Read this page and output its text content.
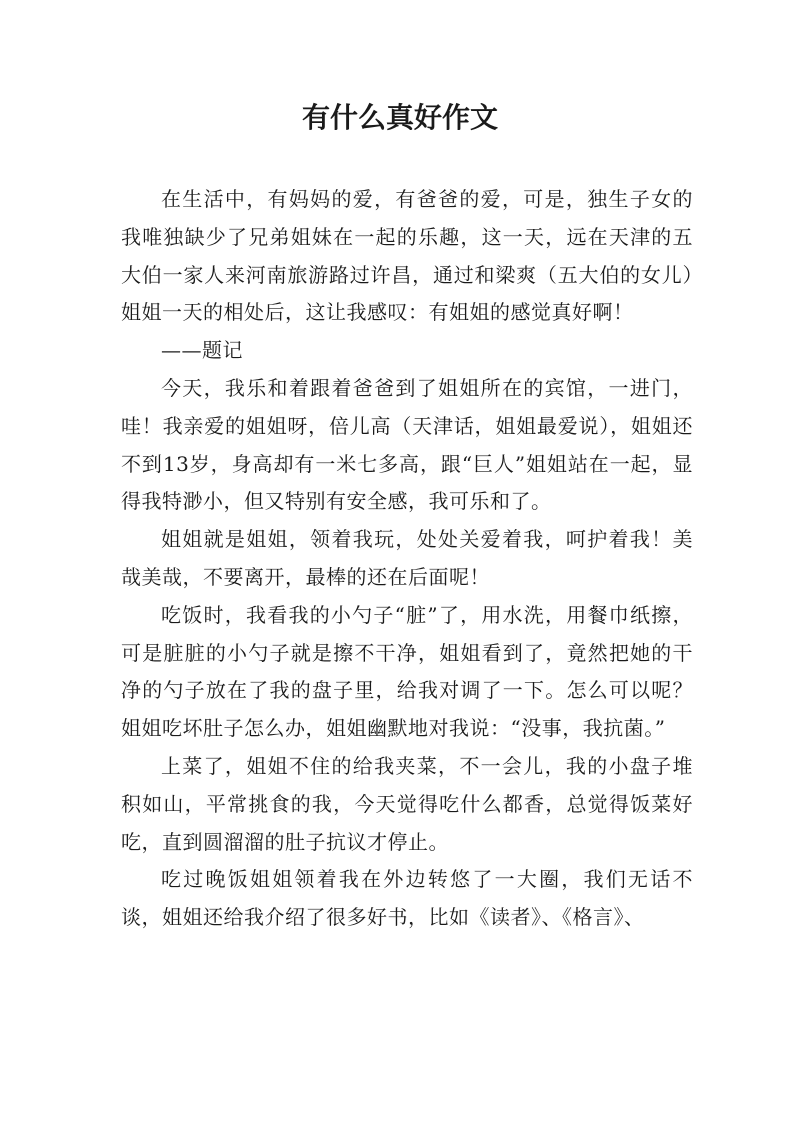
有什么真好作文

在生活中，有妈妈的爱，有爸爸的爱，可是，独生子女的我唯独缺少了兄弟姐妹在一起的乐趣，这一天，远在天津的五大伯一家人来河南旅游路过许昌，通过和梁爽（五大伯的女儿）姐姐一天的相处后，这让我感叹：有姐姐的感觉真好啊！

——题记

今天，我乐和着跟着爸爸到了姐姐所在的宾馆，一进门，哇！我亲爱的姐姐呀，倍儿高（天津话，姐姐最爱说），姐姐还不到13岁，身高却有一米七多高，跟“巨人”姐姐站在一起，显得我特渺小，但又特别有安全感，我可乐和了。

姐姐就是姐姐，领着我玩，处处关爱着我，呵护着我！美哉美哉，不要离开，最棒的还在后面呢！

吃饭时，我看我的小勺子“脏”了，用水洗，用餐巾纸擦，可是脏脏的小勺子就是擦不干净，姐姐看到了，竟然把她的干净的勺子放在了我的盘子里，给我对调了一下。怎么可以呢？姐姐吃坏肚子怎么办，姐姐幽默地对我说：“没事，我抗菌。”

上菜了，姐姐不住的给我夹菜，不一会儿，我的小盘子堆积如山，平常挑食的我，今天觉得吃什么都香，总觉得饭菜好吃，直到圆溜溜的肚子抗议才停止。

吃过晚饭姐姐领着我在外边转悠了一大圈，我们无话不谈，姐姐还给我介绍了很多好书，比如《读者》、《格言》、
